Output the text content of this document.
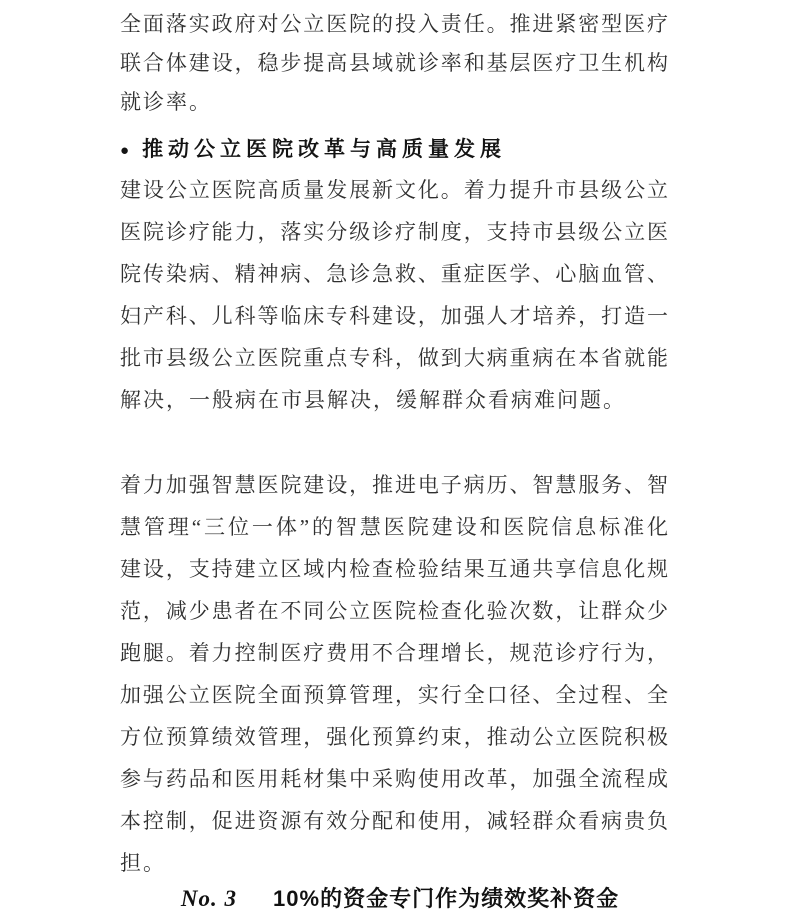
全面落实政府对公立医院的投入责任。推进紧密型医疗
联合体建设，稳步提高县域就诊率和基层医疗卫生机构
就诊率。
● 推动公立医院改革与高质量发展
建设公立医院高质量发展新文化。着力提升市县级公立
医院诊疗能力，落实分级诊疗制度，支持市县级公立医
院传染病、精神病、急诊急救、重症医学、心脑血管、
妇产科、儿科等临床专科建设，加强人才培养，打造一
批市县级公立医院重点专科，做到大病重病在本省就能
解决，一般病在市县解决，缓解群众看病难问题。
着力加强智慧医院建设，推进电子病历、智慧服务、智
慧管理“三位一体”的智慧医院建设和医院信息标准化
建设，支持建立区域内检查检验结果互通共享信息化规
范，减少患者在不同公立医院检查化验次数，让群众少
跑腿。着力控制医疗费用不合理增长，规范诊疗行为，
加强公立医院全面预算管理，实行全口径、全过程、全
方位预算绩效管理，强化预算约束，推动公立医院积极
参与药品和医用耗材集中采购使用改革，加强全流程成
本控制，促进资源有效分配和使用，减轻群众看病贵负
担。
No. 3 10%的资金专门作为绩效奖补资金
